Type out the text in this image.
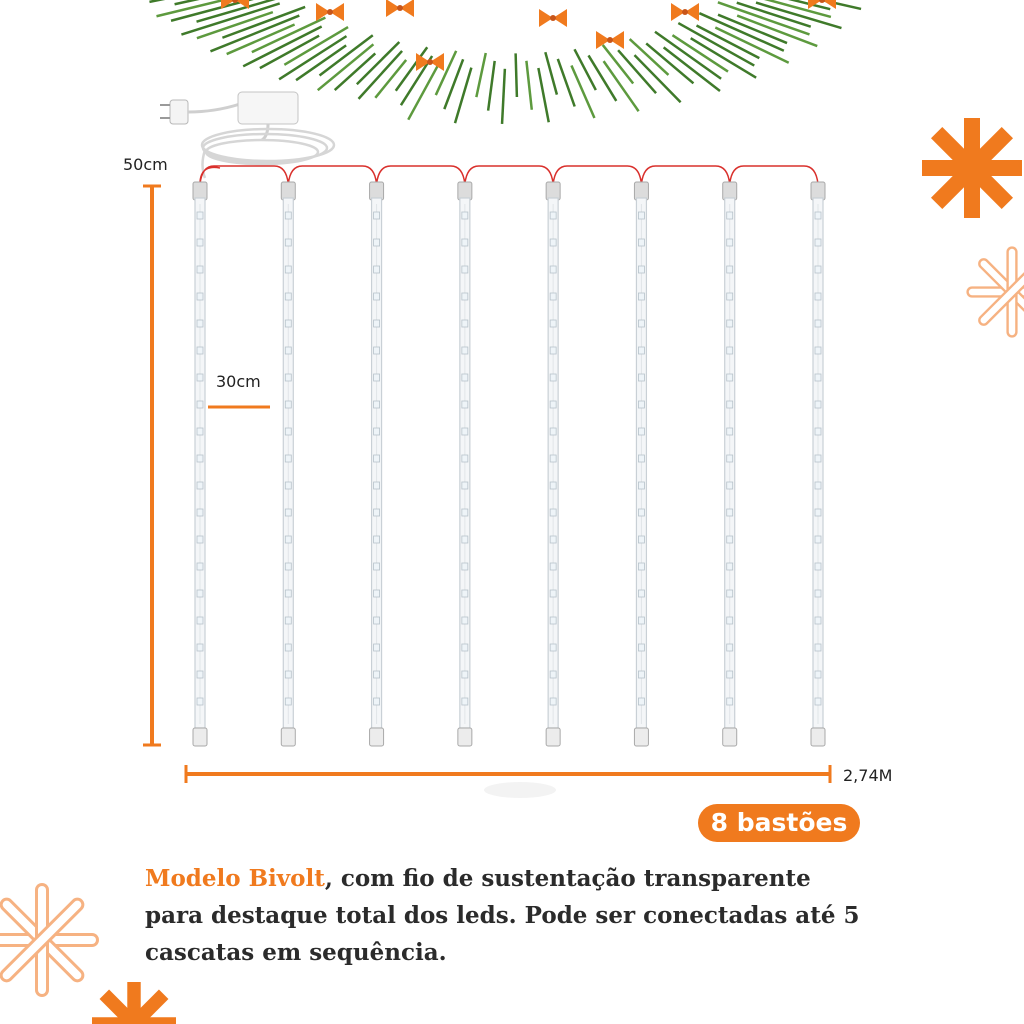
50cm
30cm
2,74M
8 bastões
Modelo Bivolt, com fio de sustentação transparente para destaque total dos leds. Pode ser conectadas até 5 cascatas em sequência.
